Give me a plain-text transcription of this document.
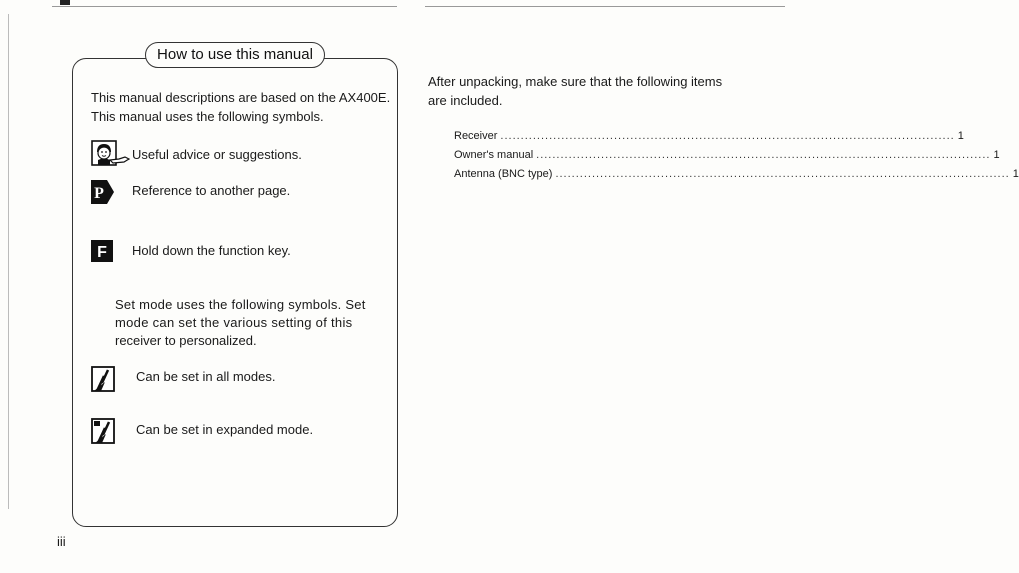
How to use this manual
This manual descriptions are based on the AX400E.
This manual uses the following symbols.
Useful advice or suggestions.
P Reference to another page.
F Hold down the function key.
Set mode uses the following symbols. Set
mode can set the various setting of this
receiver to personalized.
Can be set in all modes.
Can be set in expanded mode.
iii
After unpacking, make sure that the following items
are included.
Receiver ................................................................................................................ 1
Owner's manual ................................................................................................................ 1
Antenna (BNC type) ................................................................................................................ 1
